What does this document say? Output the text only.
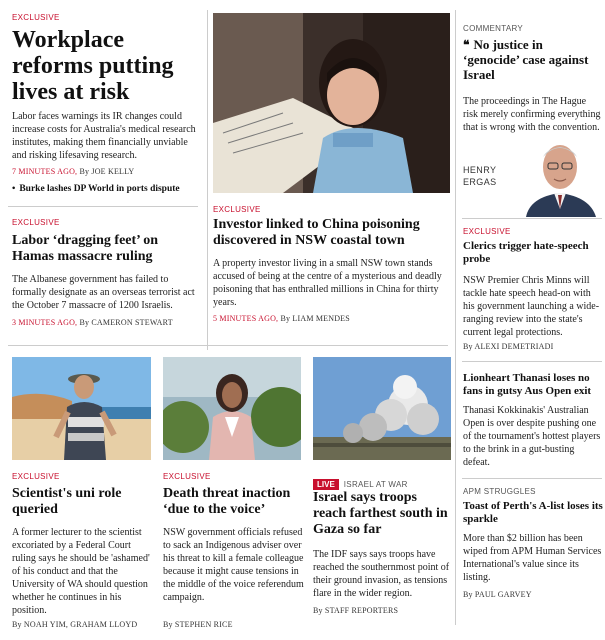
EXCLUSIVE
Workplace reforms putting lives at risk
Labor faces warnings its IR changes could increase costs for Australia's medical research institutes, making them financially unviable and risking lifesaving research.
7 MINUTES AGO, By JOE KELLY
• Burke lashes DP World in ports dispute
EXCLUSIVE
Labor ‘dragging feet’ on Hamas massacre ruling
The Albanese government has failed to formally designate as an overseas terrorist act the October 7 massacre of 1200 Israelis.
3 MINUTES AGO, By CAMERON STEWART
EXCLUSIVE
Investor linked to China poisoning discovered in NSW coastal town
A property investor living in a small NSW town stands accused of being at the centre of a mysterious and deadly poisoning that has enthralled millions in China for thirty years.
5 MINUTES AGO, By LIAM MENDES
COMMENTARY
❝ No justice in ‘genocide’ case against Israel
The proceedings in The Hague risk merely confirming everything that is wrong with the convention.
HENRY
ERGAS
EXCLUSIVE
Clerics trigger hate-speech probe
NSW Premier Chris Minns will tackle hate speech head-on with his government launching a wide-ranging review into the state's current legal protections.
By ALEXI DEMETRIADI
Lionheart Thanasi loses no fans in gutsy Aus Open exit
Thanasi Kokkinakis' Australian Open is over despite pushing one of the tournament's hottest players to the brink in a gut-busting defeat.
APM STRUGGLES
Toast of Perth's A-list loses its sparkle
More than $2 billion has been wiped from APM Human Services International's value since its listing.
By PAUL GARVEY
EXCLUSIVE
Scientist's uni role queried
A former lecturer to the scientist excoriated by a Federal Court ruling says he should be 'ashamed' of his conduct and that the University of WA should question whether he continues in his position.
By NOAH YIM, GRAHAM LLOYD
EXCLUSIVE
Death threat inaction ‘due to the voice’
NSW government officials refused to sack an Indigenous adviser over his threat to kill a female colleague because it might cause tensions in the middle of the voice referendum campaign.
By STEPHEN RICE
LIVE ISRAEL AT WAR
Israel says troops reach farthest south in Gaza so far
The IDF says says troops have reached the southernmost point of their ground invasion, as tensions flare in the wider region.
By STAFF REPORTERS
